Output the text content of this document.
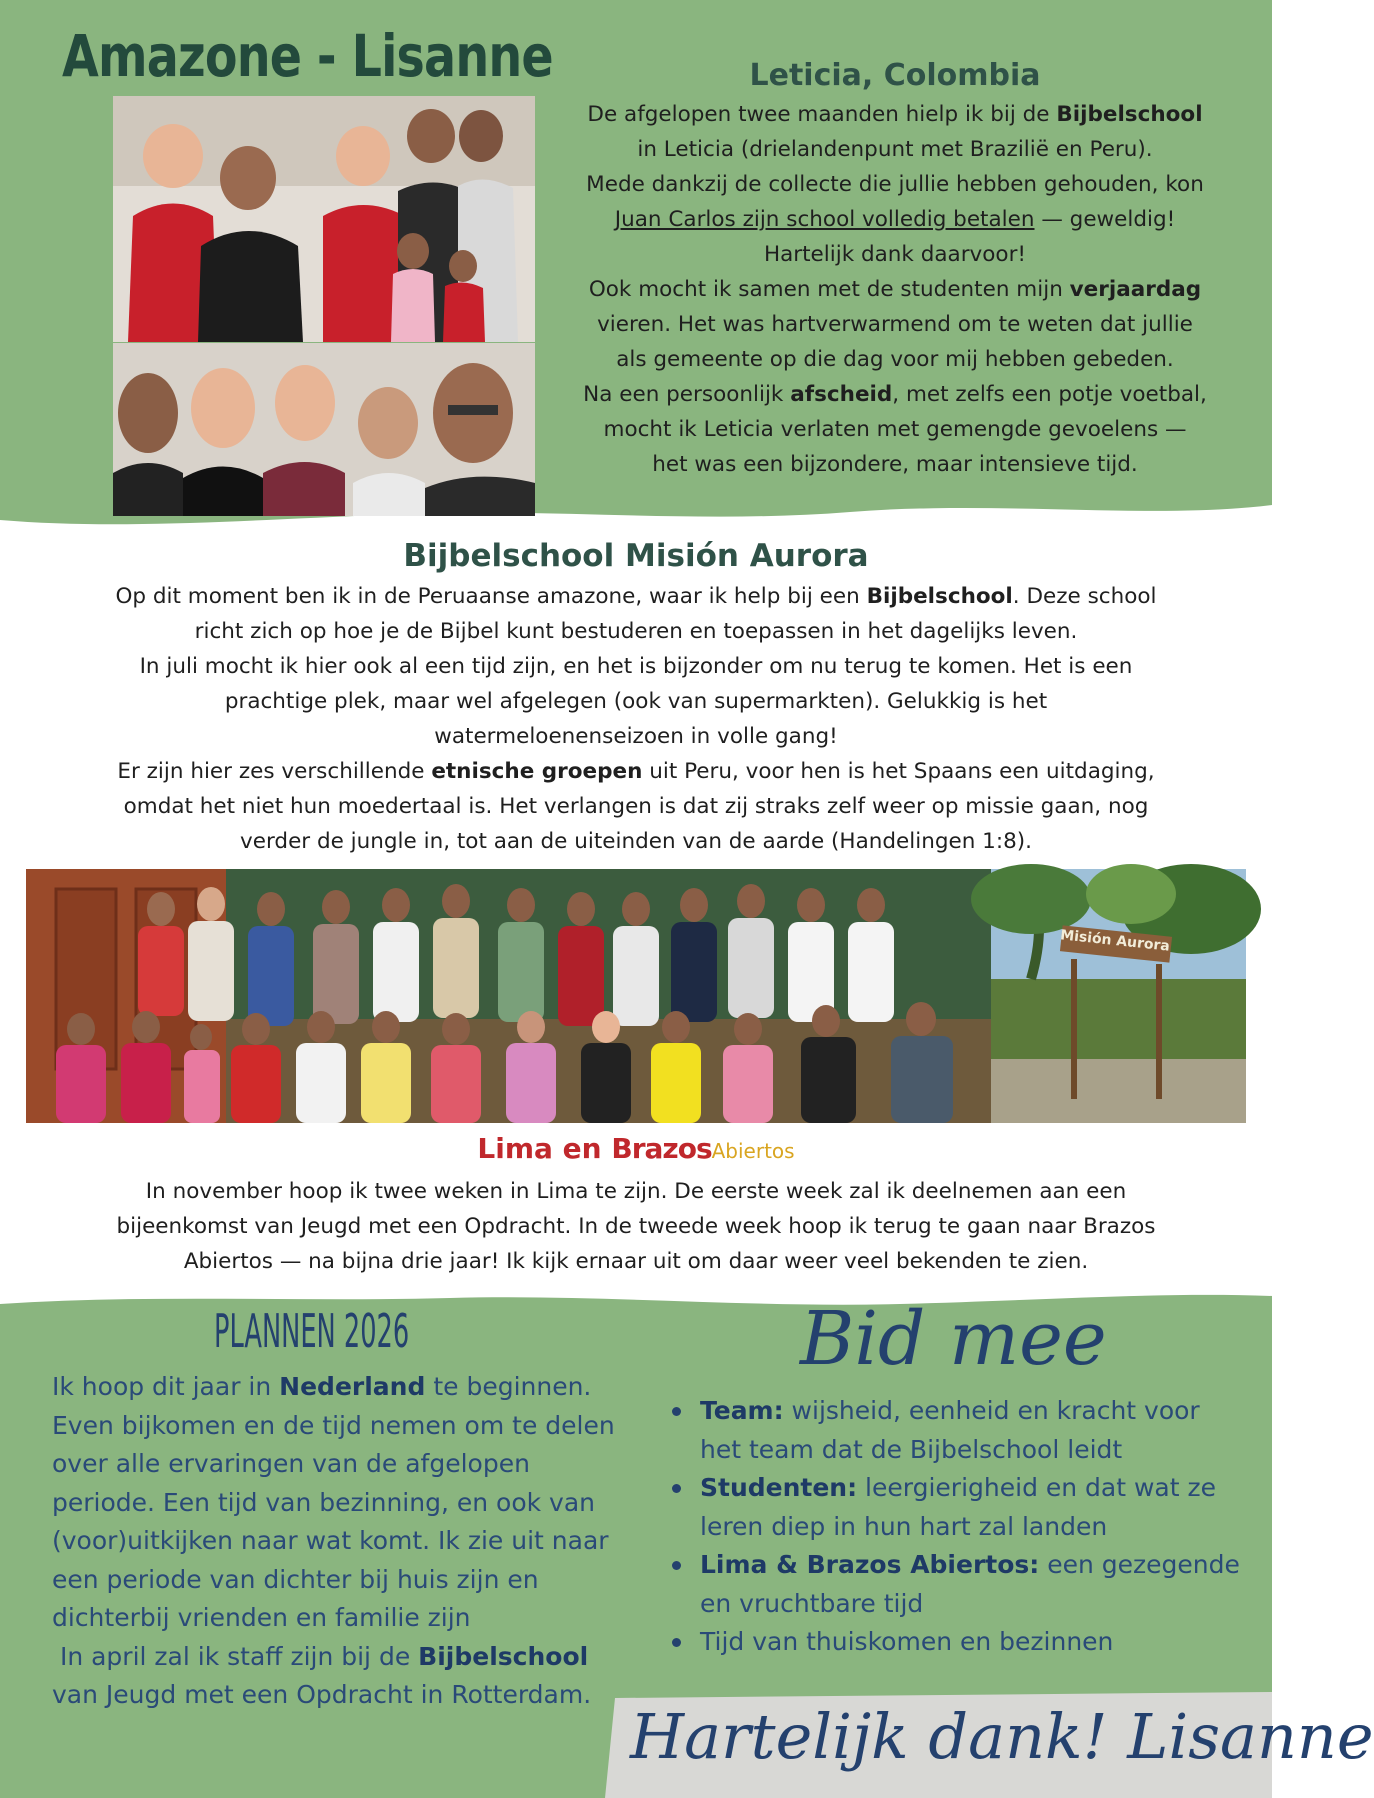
Amazone - Lisanne	Leticia, Colombia
De afgelopen twee maanden hielp ik bij de Bijbelschool
in Leticia (drielandenpunt met Brazilië en Peru).
Mede dankzij de collecte die jullie hebben gehouden, kon
Juan Carlos zijn school volledig betalen — geweldig!
Hartelijk dank daarvoor!
Ook mocht ik samen met de studenten mijn verjaardag
vieren. Het was hartverwarmend om te weten dat jullie
als gemeente op die dag voor mij hebben gebeden.
Na een persoonlijk afscheid, met zelfs een potje voetbal,
mocht ik Leticia verlaten met gemengde gevoelens —
het was een bijzondere, maar intensieve tijd.
Bijbelschool Misión Aurora
Op dit moment ben ik in de Peruaanse amazone, waar ik help bij een Bijbelschool. Deze school
richt zich op hoe je de Bijbel kunt bestuderen en toepassen in het dagelijks leven.
In juli mocht ik hier ook al een tijd zijn, en het is bijzonder om nu terug te komen. Het is een
prachtige plek, maar wel afgelegen (ook van supermarkten). Gelukkig is het
watermeloenenseizoen in volle gang!
Er zijn hier zes verschillende etnische groepen uit Peru, voor hen is het Spaans een uitdaging,
omdat het niet hun moedertaal is. Het verlangen is dat zij straks zelf weer op missie gaan, nog
verder de jungle in, tot aan de uiteinden van de aarde (Handelingen 1:8).
Misión Aurora
Lima en BrazosAbiertos
In november hoop ik twee weken in Lima te zijn. De eerste week zal ik deelnemen aan een
bijeenkomst van Jeugd met een Opdracht. In de tweede week hoop ik terug te gaan naar Brazos
Abiertos — na bijna drie jaar! Ik kijk ernaar uit om daar weer veel bekenden te zien.
PLANNEN 2026
Ik hoop dit jaar in Nederland te beginnen.
Even bijkomen en de tijd nemen om te delen
over alle ervaringen van de afgelopen
periode. Een tijd van bezinning, en ook van
(voor)uitkijken naar wat komt. Ik zie uit naar
een periode van dichter bij huis zijn en
dichterbij vrienden en familie zijn
In april zal ik staff zijn bij de Bijbelschool
van Jeugd met een Opdracht in Rotterdam.
Bid mee
Team: wijsheid, eenheid en kracht voor
het team dat de Bijbelschool leidt
Studenten: leergierigheid en dat wat ze
leren diep in hun hart zal landen
Lima & Brazos Abiertos: een gezegende
en vruchtbare tijd
Tijd van thuiskomen en bezinnen
Hartelijk dank! Lisanne
